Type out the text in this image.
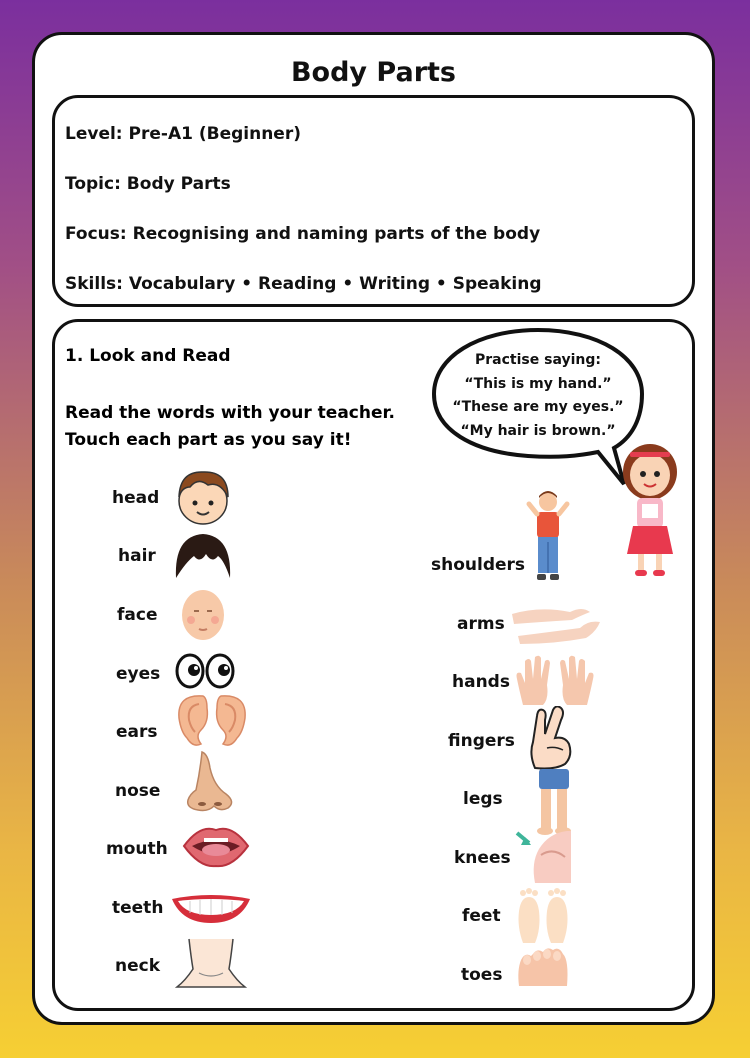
Body Parts
Level: Pre-A1 (Beginner)
Topic: Body Parts
Focus: Recognising and naming parts of the body
Skills: Vocabulary • Reading • Writing • Speaking
1. Look and Read
Read the words with your teacher.
Touch each part as you say it!
Practise saying:
“This is my hand.”
“These are my eyes.”
“My hair is brown.”
head
hair
face
eyes
ears
nose
mouth
teeth
neck
shoulders
arms
hands
fingers
legs
knees
feet
toes
